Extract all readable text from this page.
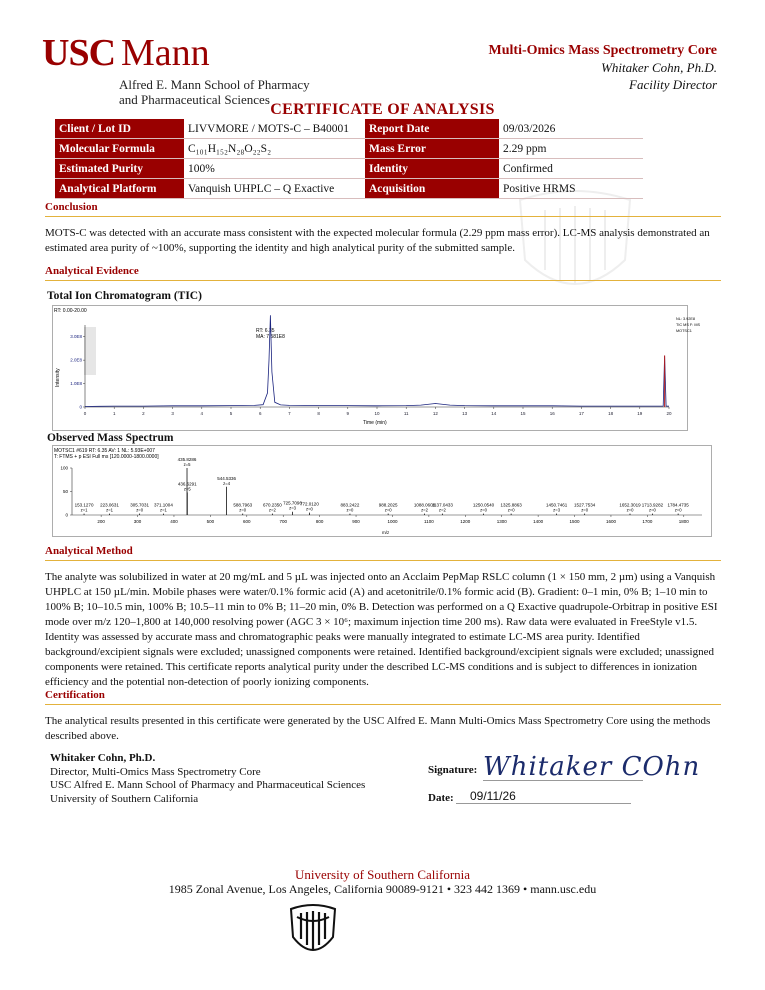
USC Mann
Alfred E. Mann School of Pharmacy
and Pharmaceutical Sciences
Multi-Omics Mass Spectrometry Core
Whitaker Cohn, Ph.D.
Facility Director
CERTIFICATE OF ANALYSIS
Client / Lot ID	LIVVMORE / MOTS-C – B40001	Report Date	09/03/2026
Molecular Formula	C₁₀₁H₁₅₂N₂₈O₂₂S₂	Mass Error	2.29 ppm
Estimated Purity	100%	Identity	Confirmed
Analytical Platform	Vanquish UHPLC – Q Exactive	Acquisition	Positive HRMS
Conclusion
MOTS-C was detected with an accurate mass consistent with the expected molecular formula (2.29 ppm mass error). LC-MS analysis demonstrated an estimated area purity of ~100%, supporting the identity and high analytical purity of the submitted sample.
Analytical Evidence
Total Ion Chromatogram (TIC)
RT: 0.00-20.00
RT: 6.35
MA: 7.581E8
NL: 3.92E8
TIC MS F: MS
MOTSC1
Intensity
Time (min)
0	1	2	3	4	5	6	7	8	9	10	11	12	13	14	15	16	17	18	19	20
0
1.0E8
2.0E8
3.0E8
Observed Mass Spectrum
MOTSC1 #619 RT: 6.35 AV: 1 NL: 5.93E+007
T: FTMS + p ESI Full ms [120.0000-1800.0000]
m/z
200	300	400	500	600	700	800	900	1000	1100	1200	1300	1400	1500	1600	1700	1800
0
50
100
153.1270
z=1
223.0631
z=1
305.7031
z=0
371.1004
z=1
435.8286
z=5
436.6291
z=5
544.5336
z=4
588.7963
z=0
670.2350
z=2
725.7090
z=3
772.0120
z=0
883.2422
z=0
988.2025
z=0
1088.0608
z=2
1137.0433
z=2
1250.0540
z=0
1325.8863
z=0
1450.7461
z=3
1527.7534
z=0
1652.3019
z=0
1713.9282
z=0
1784.4735
z=0
Analytical Method
The analyte was solubilized in water at 20 mg/mL and 5 µL was injected onto an Acclaim PepMap RSLC column (1 × 150 mm, 2 µm) using a Vanquish UHPLC at 150 µL/min. Mobile phases were water/0.1% formic acid (A) and acetonitrile/0.1% formic acid (B). Gradient: 0–1 min, 0% B; 1–10 min to 100% B; 10–10.5 min, 100% B; 10.5–11 min to 0% B; 11–20 min, 0% B. Detection was performed on a Q Exactive quadrupole-Orbitrap in positive ESI mode over m/z 120–1,800 at 140,000 resolving power (AGC 3 × 10⁶; maximum injection time 200 ms). Raw data were evaluated in FreeStyle v1.5. Identity was assessed by accurate mass and chromatographic peaks were manually integrated to estimate LC-MS area purity. Identified background/excipient signals were excluded; unassigned components were retained. Identified background/excipient signals were excluded; unassigned components were retained. This certificate reports analytical purity under the described LC-MS conditions and is subject to differences in ionization efficiency and the potential non-detection of poorly ionizing components.
Certification
The analytical results presented in this certificate were generated by the USC Alfred E. Mann Multi-Omics Mass Spectrometry Core using the methods described above.
Whitaker Cohn, Ph.D.
Director, Multi-Omics Mass Spectrometry Core
USC Alfred E. Mann School of Pharmacy and Pharmaceutical Sciences
University of Southern California
Signature: Whitaker COhn
Date:	09/11/26
University of Southern California
1985 Zonal Avenue, Los Angeles, California 90089-9121 • 323 442 1369 • mann.usc.edu
